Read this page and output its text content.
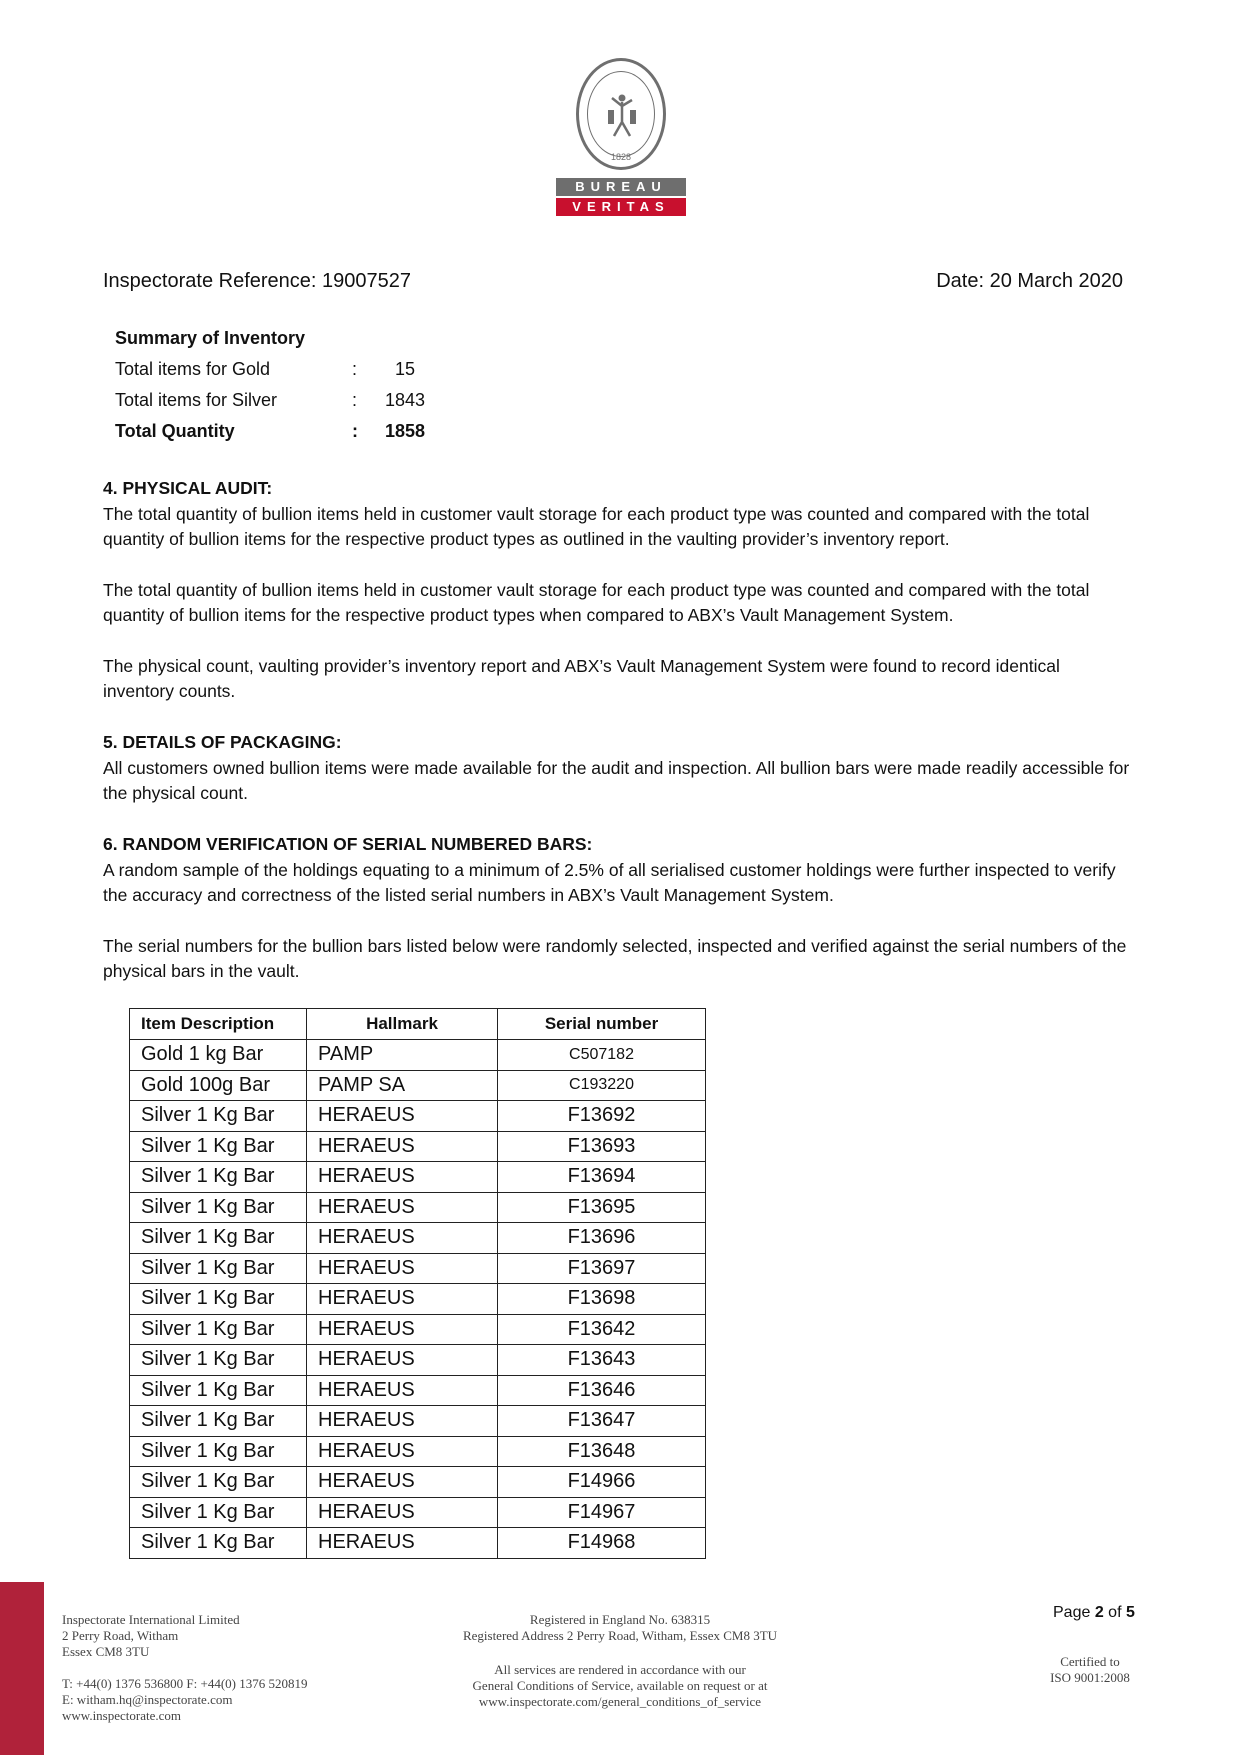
1828
BUREAU
VERITAS
Inspectorate Reference: 19007527	Date: 20 March 2020
Summary of Inventory
Total items for Gold	:	15
Total items for Silver	:	1843
Total Quantity	:	1858
4. PHYSICAL AUDIT:

The total quantity of bullion items held in customer vault storage for each product type was counted and compared with the total quantity of bullion items for the respective product types as outlined in the vaulting provider’s inventory report.

The total quantity of bullion items held in customer vault storage for each product type was counted and compared with the total quantity of bullion items for the respective product types when compared to ABX’s Vault Management System.

The physical count, vaulting provider’s inventory report and ABX’s Vault Management System were found to record identical inventory counts.

5. DETAILS OF PACKAGING:

All customers owned bullion items were made available for the audit and inspection. All bullion bars were made readily accessible for the physical count.

6. RANDOM VERIFICATION OF SERIAL NUMBERED BARS:

A random sample of the holdings equating to a minimum of 2.5% of all serialised customer holdings were further inspected to verify the accuracy and correctness of the listed serial numbers in ABX’s Vault Management System.

The serial numbers for the bullion bars listed below were randomly selected, inspected and verified against the serial numbers of the physical bars in the vault.

Item Description	Hallmark	Serial number
Gold 1 kg Bar	PAMP	C507182
Gold 100g Bar	PAMP SA	C193220
Silver 1 Kg Bar	HERAEUS	F13692
Silver 1 Kg Bar	HERAEUS	F13693
Silver 1 Kg Bar	HERAEUS	F13694
Silver 1 Kg Bar	HERAEUS	F13695
Silver 1 Kg Bar	HERAEUS	F13696
Silver 1 Kg Bar	HERAEUS	F13697
Silver 1 Kg Bar	HERAEUS	F13698
Silver 1 Kg Bar	HERAEUS	F13642
Silver 1 Kg Bar	HERAEUS	F13643
Silver 1 Kg Bar	HERAEUS	F13646
Silver 1 Kg Bar	HERAEUS	F13647
Silver 1 Kg Bar	HERAEUS	F13648
Silver 1 Kg Bar	HERAEUS	F14966
Silver 1 Kg Bar	HERAEUS	F14967
Silver 1 Kg Bar	HERAEUS	F14968
Inspectorate International Limited
2 Perry Road, Witham
Essex CM8 3TU
T: +44(0) 1376 536800 F: +44(0) 1376 520819
E: witham.hq@inspectorate.com
www.inspectorate.com
Registered in England No. 638315
Registered Address 2 Perry Road, Witham, Essex CM8 3TU
All services are rendered in accordance with our
General Conditions of Service, available on request or at
www.inspectorate.com/general_conditions_of_service
Page 2 of 5
Certified to
ISO 9001:2008
